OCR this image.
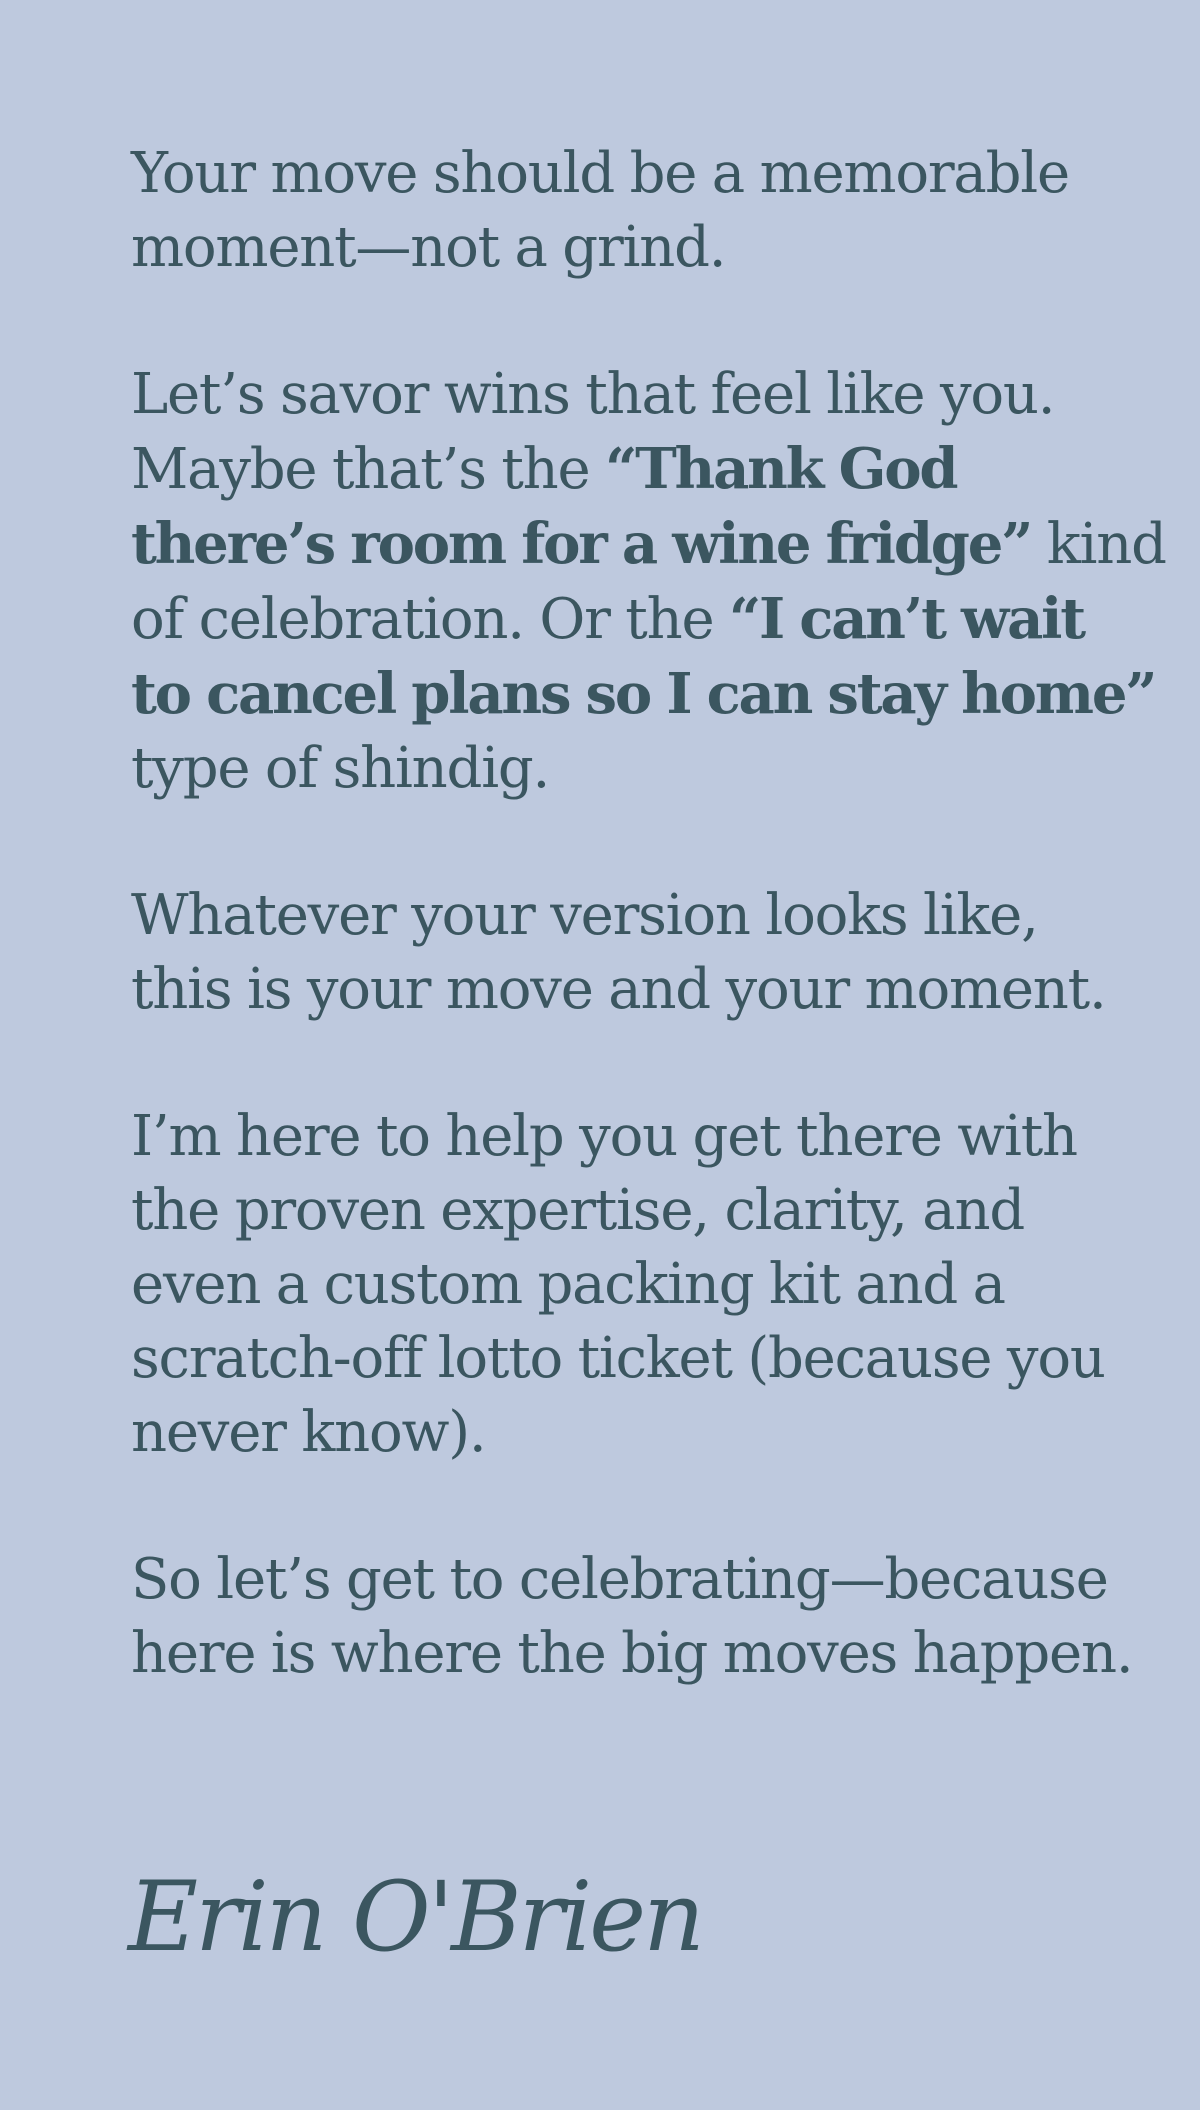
Your move should be a memorable
moment—not a grind.

Let’s savor wins that feel like you.
Maybe that’s the “Thank God
there’s room for a wine fridge” kind
of celebration. Or the “I can’t wait
to cancel plans so I can stay home”
type of shindig.

Whatever your version looks like,
this is your move and your moment.

I’m here to help you get there with
the proven expertise, clarity, and
even a custom packing kit and a
scratch-off lotto ticket (because you
never know).

So let’s get to celebrating—because
here is where the big moves happen.

Erin O'Brien
